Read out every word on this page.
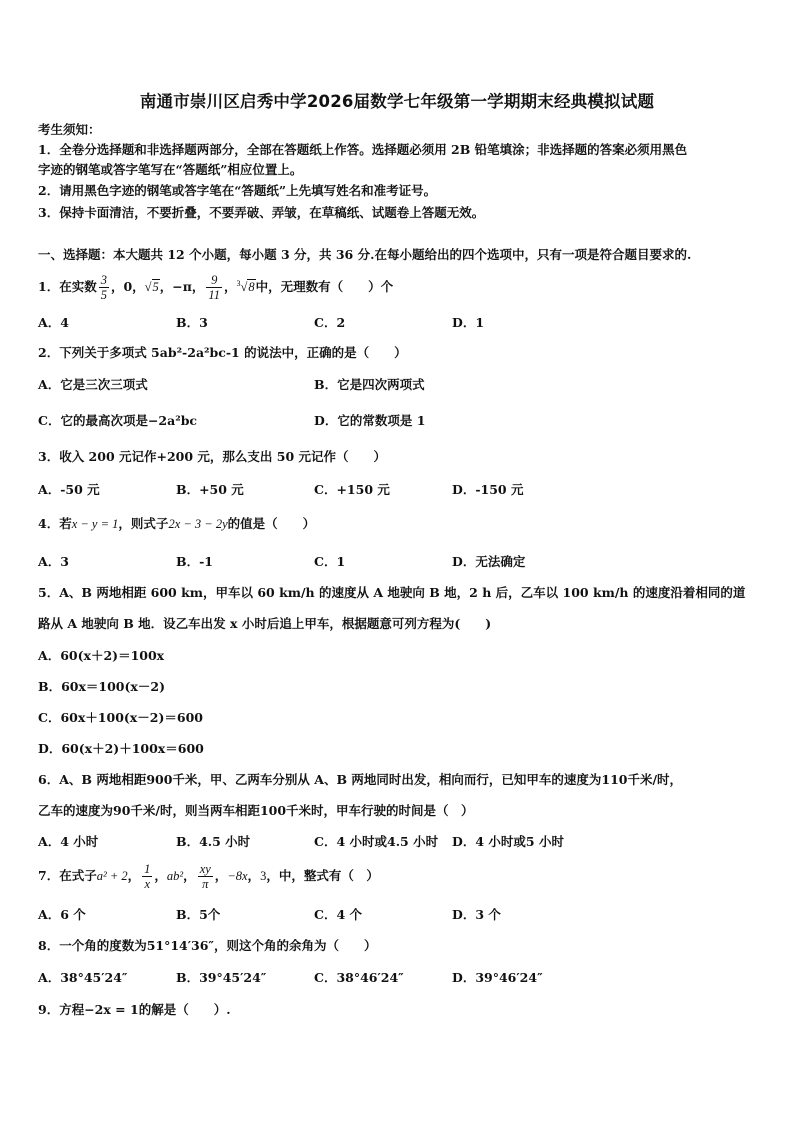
南通市崇川区启秀中学2026届数学七年级第一学期期末经典模拟试题
考生须知：
1．全卷分选择题和非选择题两部分，全部在答题纸上作答。选择题必须用 2B 铅笔填涂；非选择题的答案必须用黑色
字迹的钢笔或答字笔写在“答题纸”相应位置上。
2．请用黑色字迹的钢笔或答字笔在“答题纸”上先填写姓名和准考证号。
3．保持卡面清洁，不要折叠，不要弄破、弄皱，在草稿纸、试题卷上答题无效。
一、选择题：本大题共 12 个小题，每小题 3 分，共 36 分.在每小题给出的四个选项中，只有一项是符合题目要求的.
1．在实数 $\frac{3}{5}$ ，0，√5，−π， $\frac{9}{11}$ ，$^3$√8中，无理数有（　　）个
A．4	B．3	C．2	D．1
2．下列关于多项式 5ab²-2a²bc-1 的说法中，正确的是（　　）
A．它是三次三项式	B．它是四次两项式
C．它的最高次项是−2a²bc	D．它的常数项是 1
3．收入 200 元记作+200 元，那么支出 50 元记作（　　）
A．-50 元	B．+50 元	C．+150 元	D．-150 元
4．若x − y = 1，则式子2x − 3 − 2y的值是（　　）
A．3	B．-1	C．1	D．无法确定
5．A、B 两地相距 600 km，甲车以 60 km/h 的速度从 A 地驶向 B 地，2 h 后，乙车以 100 km/h 的速度沿着相同的道
路从 A 地驶向 B 地．设乙车出发 x 小时后追上甲车，根据题意可列方程为(　　)
A．60(x＋2)＝100x
B．60x＝100(x－2)
C．60x＋100(x－2)＝600
D．60(x＋2)＋100x＝600
6．A、B 两地相距900千米，甲、乙两车分别从 A、B 两地同时出发，相向而行，已知甲车的速度为110千米/时，
乙车的速度为90千米/时，则当两车相距100千米时，甲车行驶的时间是（　）
A．4 小时	B．4.5 小时	C．4 小时或4.5 小时 D．4 小时或5 小时
7．在式子a² + 2， $\frac{1}{x}$ ，ab²， $\frac{xy}{\pi}$ ，−8x，3，中，整式有（　）
A．6 个	B．5个	C．4 个	D．3 个
8．一个角的度数为51°14′36″，则这个角的余角为（　　）
A．38°45′24″	B．39°45′24″	C．38°46′24″	D．39°46′24″
9．方程−2x = 1的解是（　　）.
